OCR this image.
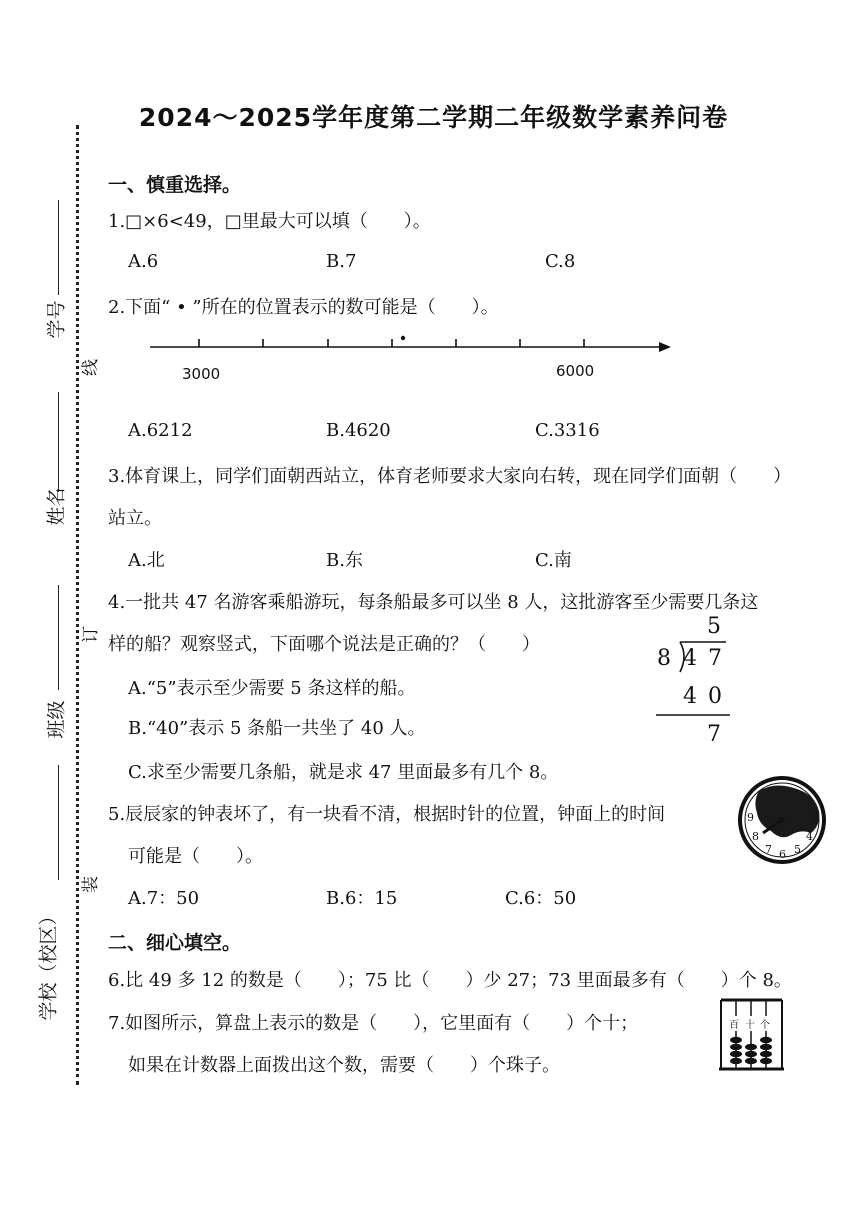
2024～2025学年度第二学期二年级数学素养问卷
学号
姓名
班级
学校（校区）
线
订
装
一、慎重选择。
1.□×6<49，□里最大可以填（　　）。
A.6	B.7	C.8
2.下面“ • ”所在的位置表示的数可能是（　　）。
3000	6000
A.6212	B.4620	C.3316
3.体育课上，同学们面朝西站立，体育老师要求大家向右转，现在同学们面朝（　　）
站立。
A.北	B.东	C.南
4.一批共 47 名游客乘船游玩，每条船最多可以坐 8 人，这批游客至少需要几条这
样的船？观察竖式，下面哪个说法是正确的？（　　）
A.“5”表示至少需要 5 条这样的船。
B.“40”表示 5 条船一共坐了 40 人。
C.求至少需要几条船，就是求 47 里面最多有几个 8。
5
8 4 7
4 0
7
5.辰辰家的钟表坏了，有一块看不清，根据时针的位置，钟面上的时间
可能是（　　）。
A.7：50	B.6：15	C.6：50
9
8
7 6 5
4
3
二、细心填空。
6.比 49 多 12 的数是（　　）；75 比（　　）少 27；73 里面最多有（　　）个 8。
7.如图所示，算盘上表示的数是（　　），它里面有（　　）个十；
如果在计数器上面拨出这个数，需要（　　）个珠子。
百 十 个
